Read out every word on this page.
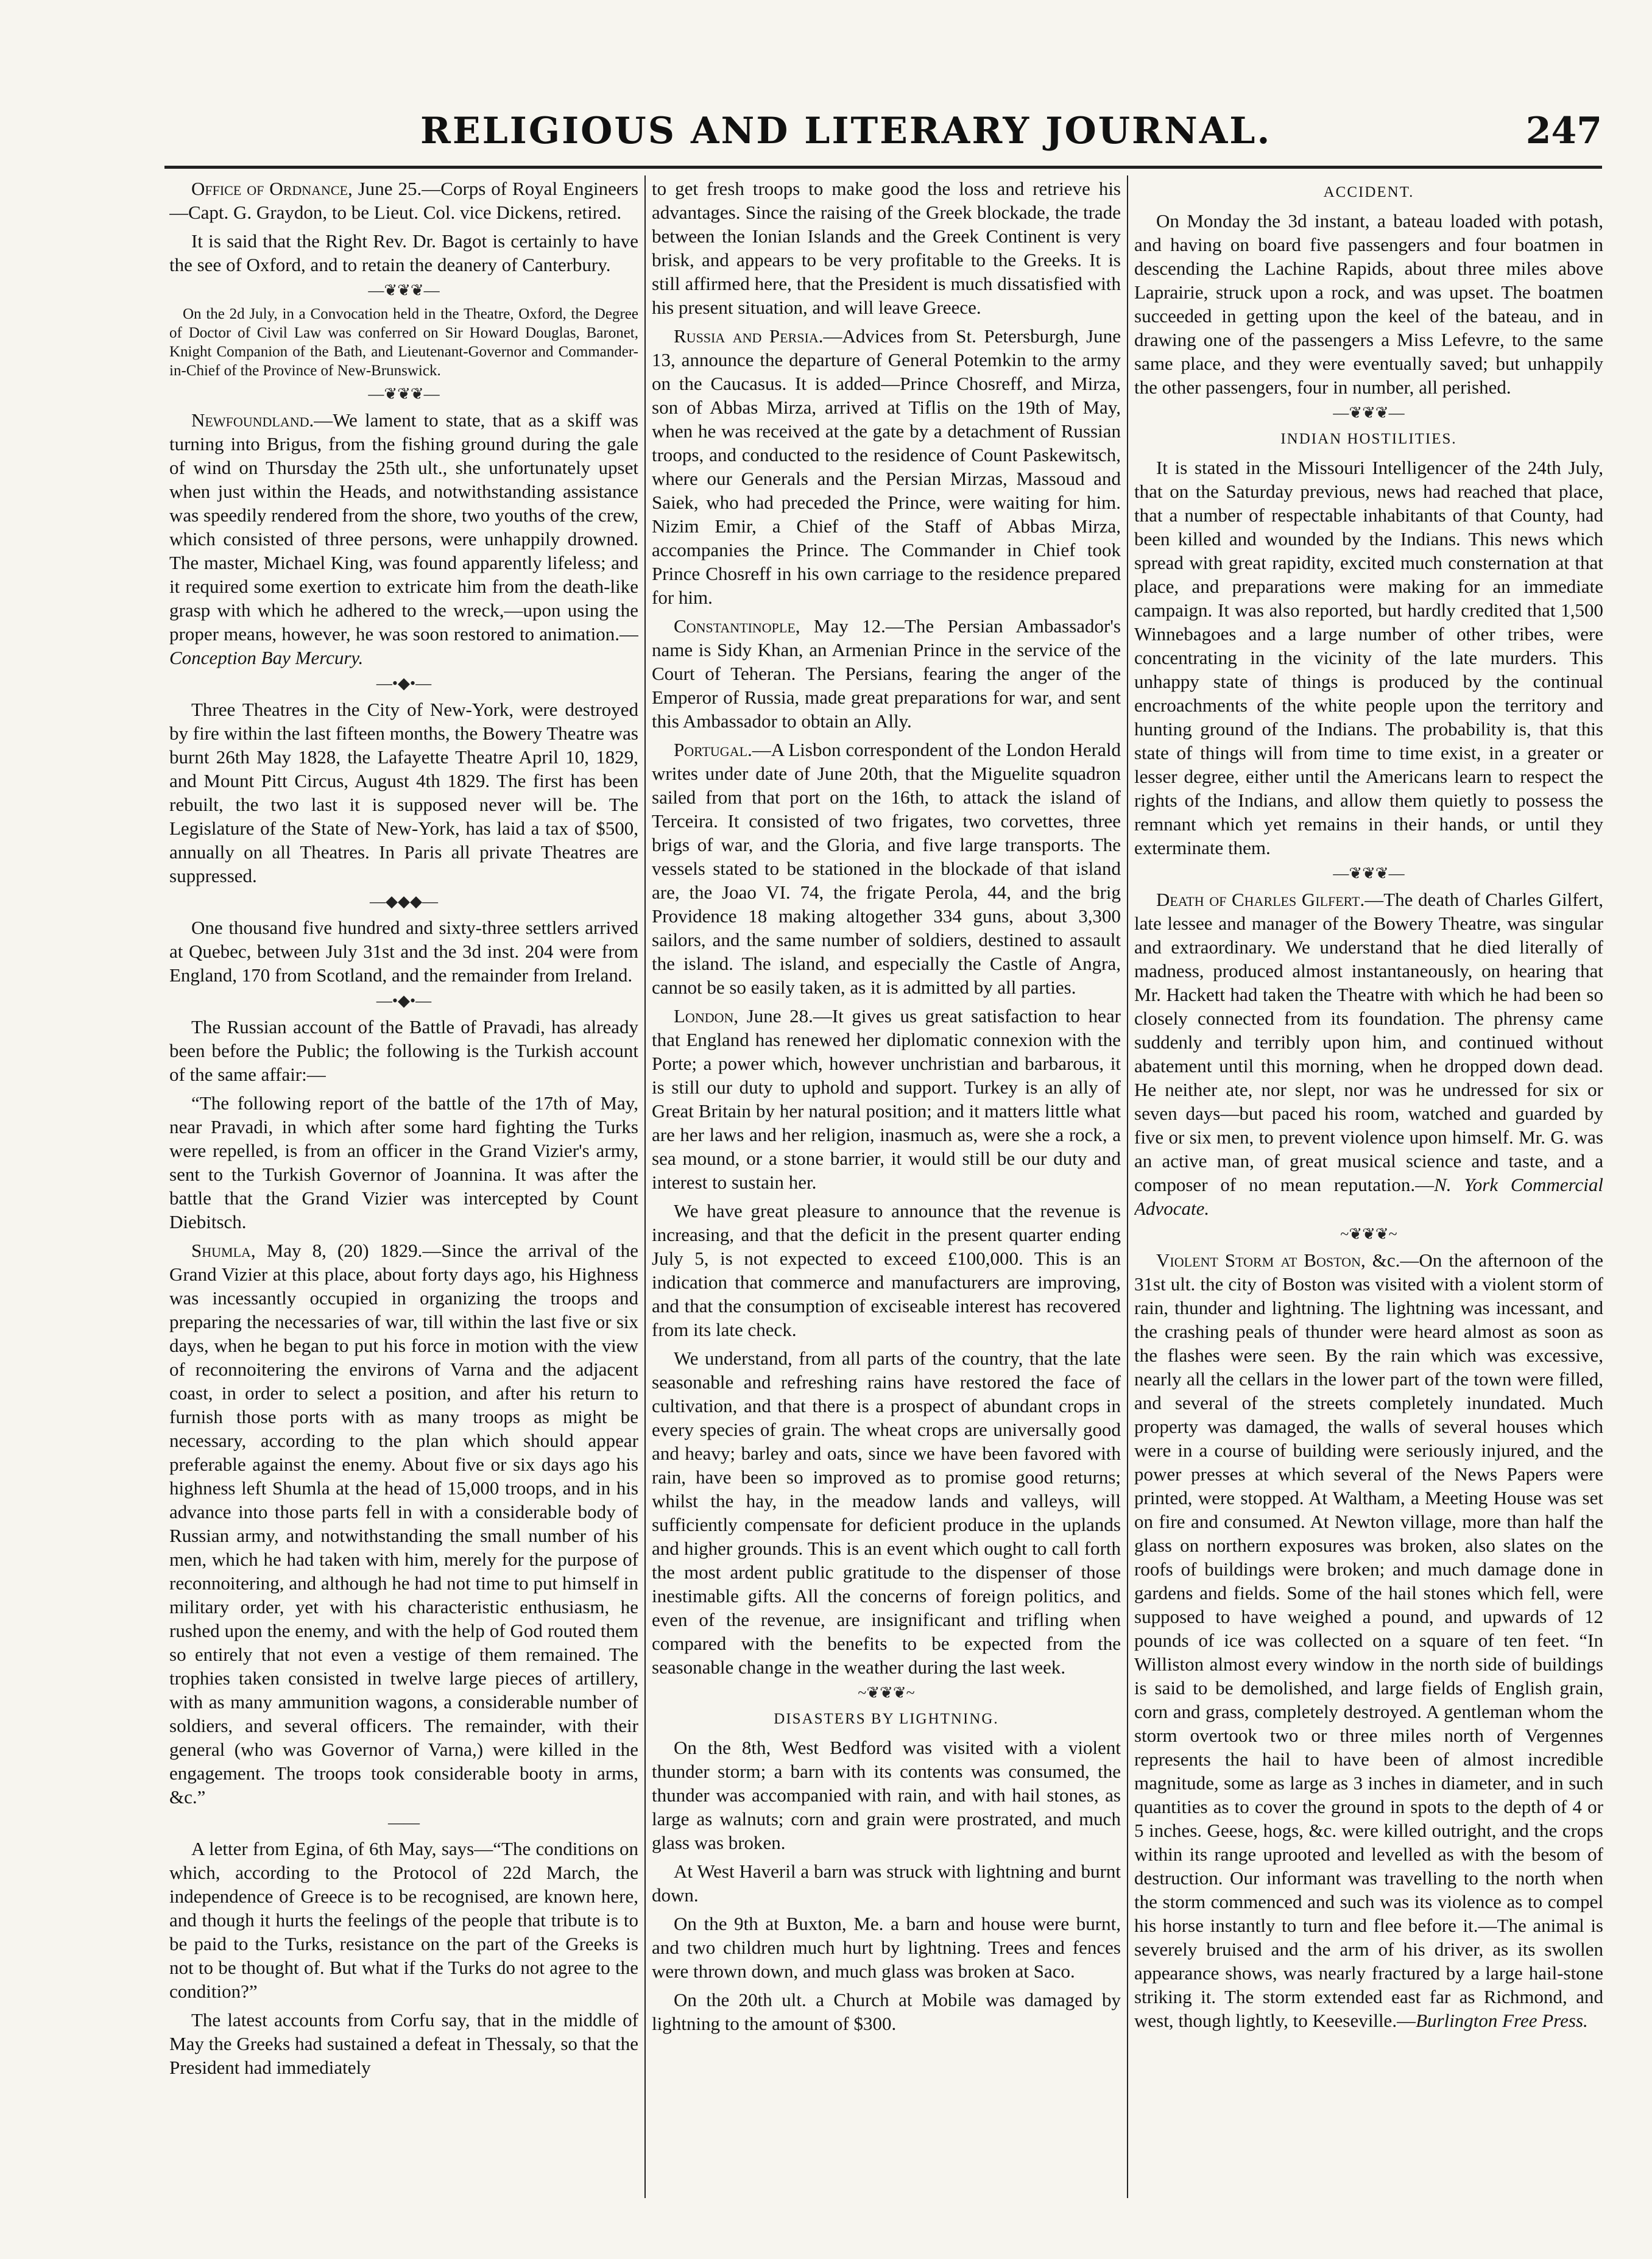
RELIGIOUS AND LITERARY JOURNAL.	247

Office of Ordnance, June 25.—Corps of Royal Engineers—Capt. G. Graydon, to be Lieut. Col. vice Dickens, retired.

It is said that the Right Rev. Dr. Bagot is certainly to have the see of Oxford, and to retain the deanery of Canterbury.

—❦❦❦—

On the 2d July, in a Convocation held in the Theatre, Oxford, the Degree of Doctor of Civil Law was conferred on Sir Howard Douglas, Baronet, Knight Companion of the Bath, and Lieutenant-Governor and Commander-in-Chief of the Province of New-Brunswick.

—❦❦❦—

Newfoundland.—We lament to state, that as a skiff was turning into Brigus, from the fishing ground during the gale of wind on Thursday the 25th ult., she unfortunately upset when just within the Heads, and notwithstanding assistance was speedily rendered from the shore, two youths of the crew, which consisted of three persons, were unhappily drowned. The master, Michael King, was found apparently lifeless; and it required some exertion to extricate him from the death-like grasp with which he adhered to the wreck,—upon using the proper means, however, he was soon restored to animation.—Conception Bay Mercury.

—•◆•—

Three Theatres in the City of New-York, were destroyed by fire within the last fifteen months, the Bowery Theatre was burnt 26th May 1828, the Lafayette Theatre April 10, 1829, and Mount Pitt Circus, August 4th 1829. The first has been rebuilt, the two last it is supposed never will be. The Legislature of the State of New-York, has laid a tax of $500, annually on all Theatres. In Paris all private Theatres are suppressed.

—◆◆◆—

One thousand five hundred and sixty-three settlers arrived at Quebec, between July 31st and the 3d inst. 204 were from England, 170 from Scotland, and the remainder from Ireland.

—•◆•—

The Russian account of the Battle of Pravadi, has already been before the Public; the following is the Turkish account of the same affair:—

“The following report of the battle of the 17th of May, near Pravadi, in which after some hard fighting the Turks were repelled, is from an officer in the Grand Vizier's army, sent to the Turkish Governor of Joannina. It was after the battle that the Grand Vizier was intercepted by Count Diebitsch.

Shumla, May 8, (20) 1829.—Since the arrival of the Grand Vizier at this place, about forty days ago, his Highness was incessantly occupied in organizing the troops and preparing the necessaries of war, till within the last five or six days, when he began to put his force in motion with the view of reconnoitering the environs of Varna and the adjacent coast, in order to select a position, and after his return to furnish those ports with as many troops as might be necessary, according to the plan which should appear preferable against the enemy. About five or six days ago his highness left Shumla at the head of 15,000 troops, and in his advance into those parts fell in with a considerable body of Russian army, and notwithstanding the small number of his men, which he had taken with him, merely for the purpose of reconnoitering, and although he had not time to put himself in military order, yet with his characteristic enthusiasm, he rushed upon the enemy, and with the help of God routed them so entirely that not even a vestige of them remained. The trophies taken consisted in twelve large pieces of artillery, with as many ammunition wagons, a considerable number of soldiers, and several officers. The remainder, with their general (who was Governor of Varna,) were killed in the engagement. The troops took considerable booty in arms, &c.”

——

A letter from Egina, of 6th May, says—“The conditions on which, according to the Protocol of 22d March, the independence of Greece is to be recognised, are known here, and though it hurts the feelings of the people that tribute is to be paid to the Turks, resistance on the part of the Greeks is not to be thought of. But what if the Turks do not agree to the condition?”

The latest accounts from Corfu say, that in the middle of May the Greeks had sustained a defeat in Thessaly, so that the President had immediately

to get fresh troops to make good the loss and retrieve his advantages. Since the raising of the Greek blockade, the trade between the Ionian Islands and the Greek Continent is very brisk, and appears to be very profitable to the Greeks. It is still affirmed here, that the President is much dissatisfied with his present situation, and will leave Greece.

Russia and Persia.—Advices from St. Petersburgh, June 13, announce the departure of General Potemkin to the army on the Caucasus. It is added—Prince Chosreff, and Mirza, son of Abbas Mirza, arrived at Tiflis on the 19th of May, when he was received at the gate by a detachment of Russian troops, and conducted to the residence of Count Paskewitsch, where our Generals and the Persian Mirzas, Massoud and Saiek, who had preceded the Prince, were waiting for him. Nizim Emir, a Chief of the Staff of Abbas Mirza, accompanies the Prince. The Commander in Chief took Prince Chosreff in his own carriage to the residence prepared for him.

Constantinople, May 12.—The Persian Ambassador's name is Sidy Khan, an Armenian Prince in the service of the Court of Teheran. The Persians, fearing the anger of the Emperor of Russia, made great preparations for war, and sent this Ambassador to obtain an Ally.

Portugal.—A Lisbon correspondent of the London Herald writes under date of June 20th, that the Miguelite squadron sailed from that port on the 16th, to attack the island of Terceira. It consisted of two frigates, two corvettes, three brigs of war, and the Gloria, and five large transports. The vessels stated to be stationed in the blockade of that island are, the Joao VI. 74, the frigate Perola, 44, and the brig Providence 18 making altogether 334 guns, about 3,300 sailors, and the same number of soldiers, destined to assault the island. The island, and especially the Castle of Angra, cannot be so easily taken, as it is admitted by all parties.

London, June 28.—It gives us great satisfaction to hear that England has renewed her diplomatic connexion with the Porte; a power which, however unchristian and barbarous, it is still our duty to uphold and support. Turkey is an ally of Great Britain by her natural position; and it matters little what are her laws and her religion, inasmuch as, were she a rock, a sea mound, or a stone barrier, it would still be our duty and interest to sustain her.

We have great pleasure to announce that the revenue is increasing, and that the deficit in the present quarter ending July 5, is not expected to exceed £100,000. This is an indication that commerce and manufacturers are improving, and that the consumption of exciseable interest has recovered from its late check.

We understand, from all parts of the country, that the late seasonable and refreshing rains have restored the face of cultivation, and that there is a prospect of abundant crops in every species of grain. The wheat crops are universally good and heavy; barley and oats, since we have been favored with rain, have been so improved as to promise good returns; whilst the hay, in the meadow lands and valleys, will sufficiently compensate for deficient produce in the uplands and higher grounds. This is an event which ought to call forth the most ardent public gratitude to the dispenser of those inestimable gifts. All the concerns of foreign politics, and even of the revenue, are insignificant and trifling when compared with the benefits to be expected from the seasonable change in the weather during the last week.

~❦❦❦~
DISASTERS BY LIGHTNING.

On the 8th, West Bedford was visited with a violent thunder storm; a barn with its contents was consumed, the thunder was accompanied with rain, and with hail stones, as large as walnuts; corn and grain were prostrated, and much glass was broken.

At West Haveril a barn was struck with lightning and burnt down.

On the 9th at Buxton, Me. a barn and house were burnt, and two children much hurt by lightning. Trees and fences were thrown down, and much glass was broken at Saco.

On the 20th ult. a Church at Mobile was damaged by lightning to the amount of $300.

ACCIDENT.

On Monday the 3d instant, a bateau loaded with potash, and having on board five passengers and four boatmen in descending the Lachine Rapids, about three miles above Laprairie, struck upon a rock, and was upset. The boatmen succeeded in getting upon the keel of the bateau, and in drawing one of the passengers a Miss Lefevre, to the same same place, and they were eventually saved; but unhappily the other passengers, four in number, all perished.

—❦❦❦—
INDIAN HOSTILITIES.

It is stated in the Missouri Intelligencer of the 24th July, that on the Saturday previous, news had reached that place, that a number of respectable inhabitants of that County, had been killed and wounded by the Indians. This news which spread with great rapidity, excited much consternation at that place, and preparations were making for an immediate campaign. It was also reported, but hardly credited that 1,500 Winnebagoes and a large number of other tribes, were concentrating in the vicinity of the late murders. This unhappy state of things is produced by the continual encroachments of the white people upon the territory and hunting ground of the Indians. The probability is, that this state of things will from time to time exist, in a greater or lesser degree, either until the Americans learn to respect the rights of the Indians, and allow them quietly to possess the remnant which yet remains in their hands, or until they exterminate them.

—❦❦❦—

Death of Charles Gilfert.—The death of Charles Gilfert, late lessee and manager of the Bowery Theatre, was singular and extraordinary. We understand that he died literally of madness, produced almost instantaneously, on hearing that Mr. Hackett had taken the Theatre with which he had been so closely connected from its foundation. The phrensy came suddenly and terribly upon him, and continued without abatement until this morning, when he dropped down dead. He neither ate, nor slept, nor was he undressed for six or seven days—but paced his room, watched and guarded by five or six men, to prevent violence upon himself. Mr. G. was an active man, of great musical science and taste, and a composer of no mean reputation.—N. York Commercial Advocate.

~❦❦❦~

Violent Storm at Boston, &c.—On the afternoon of the 31st ult. the city of Boston was visited with a violent storm of rain, thunder and lightning. The lightning was incessant, and the crashing peals of thunder were heard almost as soon as the flashes were seen. By the rain which was excessive, nearly all the cellars in the lower part of the town were filled, and several of the streets completely inundated. Much property was damaged, the walls of several houses which were in a course of building were seriously injured, and the power presses at which several of the News Papers were printed, were stopped. At Waltham, a Meeting House was set on fire and consumed. At Newton village, more than half the glass on northern exposures was broken, also slates on the roofs of buildings were broken; and much damage done in gardens and fields. Some of the hail stones which fell, were supposed to have weighed a pound, and upwards of 12 pounds of ice was collected on a square of ten feet. “In Williston almost every window in the north side of buildings is said to be demolished, and large fields of English grain, corn and grass, completely destroyed. A gentleman whom the storm overtook two or three miles north of Vergennes represents the hail to have been of almost incredible magnitude, some as large as 3 inches in diameter, and in such quantities as to cover the ground in spots to the depth of 4 or 5 inches. Geese, hogs, &c. were killed outright, and the crops within its range uprooted and levelled as with the besom of destruction. Our informant was travelling to the north when the storm commenced and such was its violence as to compel his horse instantly to turn and flee before it.—The animal is severely bruised and the arm of his driver, as its swollen appearance shows, was nearly fractured by a large hail-stone striking it. The storm extended east far as Richmond, and west, though lightly, to Keeseville.—Burlington Free Press.
